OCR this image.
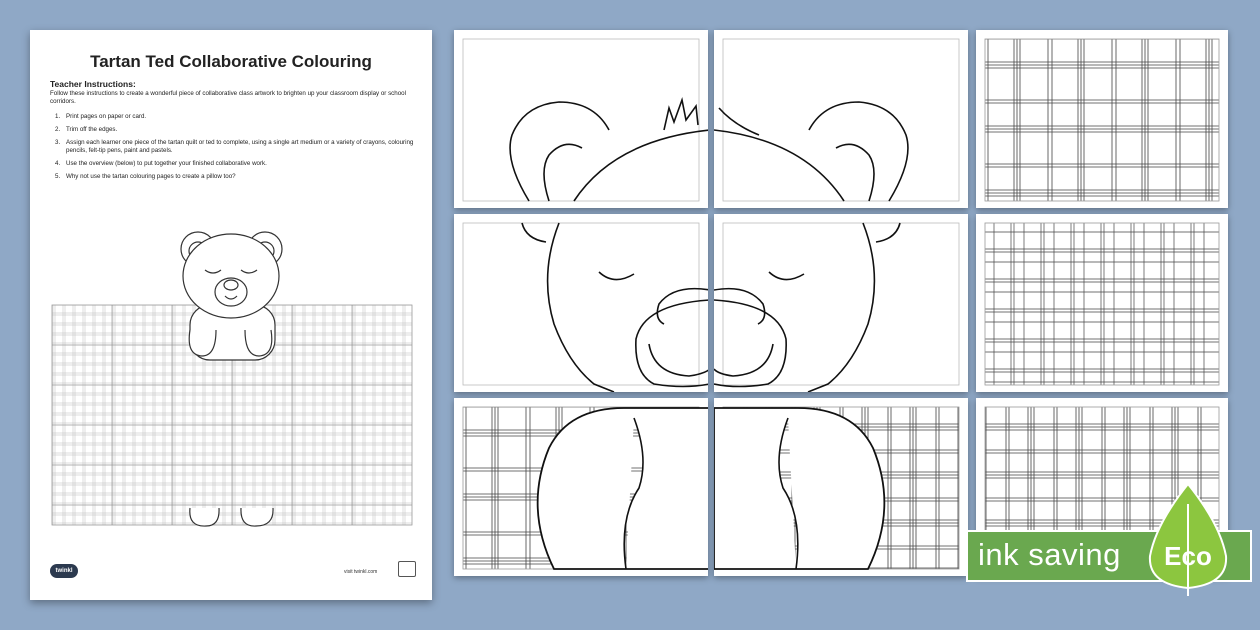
Tartan Ted Collaborative Colouring
Teacher Instructions:
Follow these instructions to create a wonderful piece of collaborative class artwork to brighten up your classroom display or school corridors.
1. Print pages on paper or card.
2. Trim off the edges.
3. Assign each learner one piece of the tartan quilt or ted to complete, using a single art medium or a variety of crayons, colouring pencils, felt-tip pens, paint and pastels.
4. Use the overview (below) to put together your finished collaborative work.
5. Why not use the tartan colouring pages to create a pillow too?
twinkl	visit twinkl.com	ink saving Eco
